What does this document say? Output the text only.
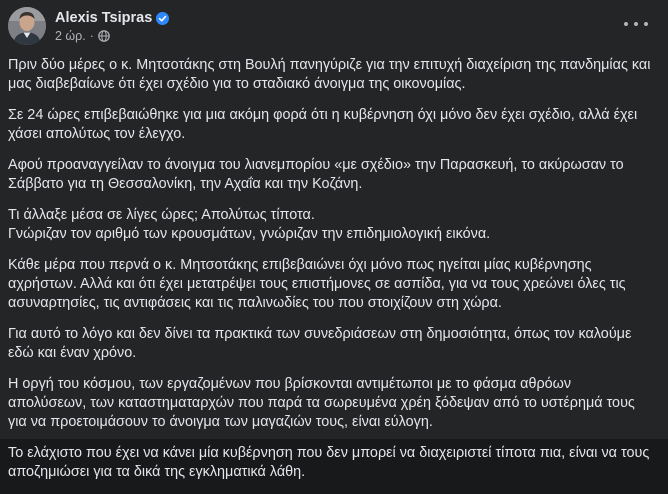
Alexis Tsipras
2 ώρ. ·

Πριν δύο μέρες ο κ. Μητσοτάκης στη Βουλή πανηγύριζε για την επιτυχή διαχείριση της πανδημίας και
μας διαβεβαίωνε ότι έχει σχέδιο για το σταδιακό άνοιγμα της οικονομίας.

Σε 24 ώρες επιβεβαιώθηκε για μια ακόμη φορά ότι η κυβέρνηση όχι μόνο δεν έχει σχέδιο, αλλά έχει
χάσει απολύτως τον έλεγχο.

Αφού προαναγγείλαν το άνοιγμα του λιανεμπορίου «με σχέδιο» την Παρασκευή, το ακύρωσαν το
Σάββατο για τη Θεσσαλονίκη, την Αχαΐα και την Κοζάνη.

Τι άλλαξε μέσα σε λίγες ώρες; Απολύτως τίποτα.
Γνώριζαν τον αριθμό των κρουσμάτων, γνώριζαν την επιδημιολογική εικόνα.

Κάθε μέρα που περνά ο κ. Μητσοτάκης επιβεβαιώνει όχι μόνο πως ηγείται μίας κυβέρνησης
αχρήστων. Αλλά και ότι έχει μετατρέψει τους επιστήμονες σε ασπίδα, για να τους χρεώνει όλες τις
ασυναρτησίες, τις αντιφάσεις και τις παλινωδίες του που στοιχίζουν στη χώρα.

Για αυτό το λόγο και δεν δίνει τα πρακτικά των συνεδριάσεων στη δημοσιότητα, όπως τον καλούμε
εδώ και έναν χρόνο.

Η οργή του κόσμου, των εργαζομένων που βρίσκονται αντιμέτωποι με το φάσμα αθρόων
απολύσεων, των καταστηματαρχών που παρά τα σωρευμένα χρέη ξόδεψαν από το υστέρημά τους
για να προετοιμάσουν το άνοιγμα των μαγαζιών τους, είναι εύλογη.

Το ελάχιστο που έχει να κάνει μία κυβέρνηση που δεν μπορεί να διαχειριστεί τίποτα πια, είναι να τους
αποζημιώσει για τα δικά της εγκληματικά λάθη.
